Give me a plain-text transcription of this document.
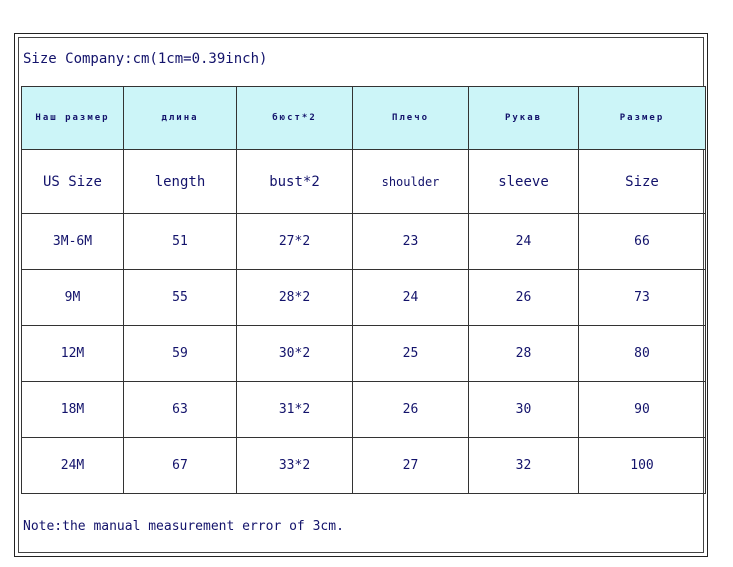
Size Company:cm(1cm=0.39inch)
Наш размер	длина	бюст*2	Плечо	Рукав	Размер
US Size	length	bust*2	shoulder	sleeve	Size
3M-6M	51	27*2	23	24	66
9M	55	28*2	24	26	73
12M	59	30*2	25	28	80
18M	63	31*2	26	30	90
24M	67	33*2	27	32	100
Note:the manual measurement error of 3cm.
